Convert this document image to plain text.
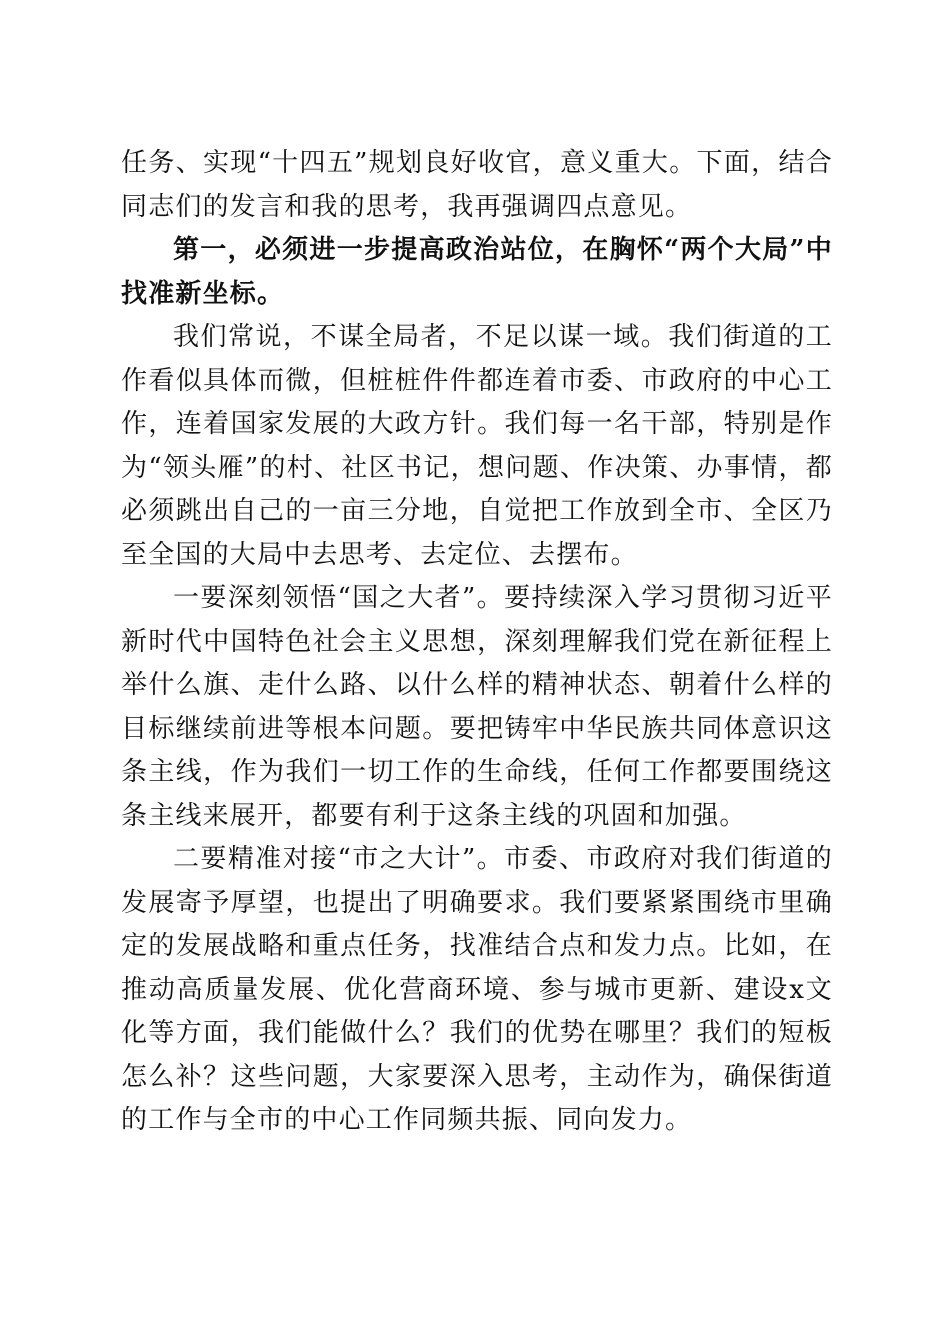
任务、实现“十四五”规划良好收官，意义重大。下面，结合同志们的发言和我的思考，我再强调四点意见。

第一，必须进一步提高政治站位，在胸怀“两个大局”中找准新坐标。

我们常说，不谋全局者，不足以谋一域。我们街道的工作看似具体而微，但桩桩件件都连着市委、市政府的中心工作，连着国家发展的大政方针。我们每一名干部，特别是作为“领头雁”的村、社区书记，想问题、作决策、办事情，都必须跳出自己的一亩三分地，自觉把工作放到全市、全区乃至全国的大局中去思考、去定位、去摆布。

一要深刻领悟“国之大者”。要持续深入学习贯彻习近平新时代中国特色社会主义思想，深刻理解我们党在新征程上举什么旗、走什么路、以什么样的精神状态、朝着什么样的目标继续前进等根本问题。要把铸牢中华民族共同体意识这条主线，作为我们一切工作的生命线，任何工作都要围绕这条主线来展开，都要有利于这条主线的巩固和加强。

二要精准对接“市之大计”。市委、市政府对我们街道的发展寄予厚望，也提出了明确要求。我们要紧紧围绕市里确定的发展战略和重点任务，找准结合点和发力点。比如，在推动高质量发展、优化营商环境、参与城市更新、建设x文化等方面，我们能做什么？我们的优势在哪里？我们的短板怎么补？这些问题，大家要深入思考，主动作为，确保街道的工作与全市的中心工作同频共振、同向发力。
